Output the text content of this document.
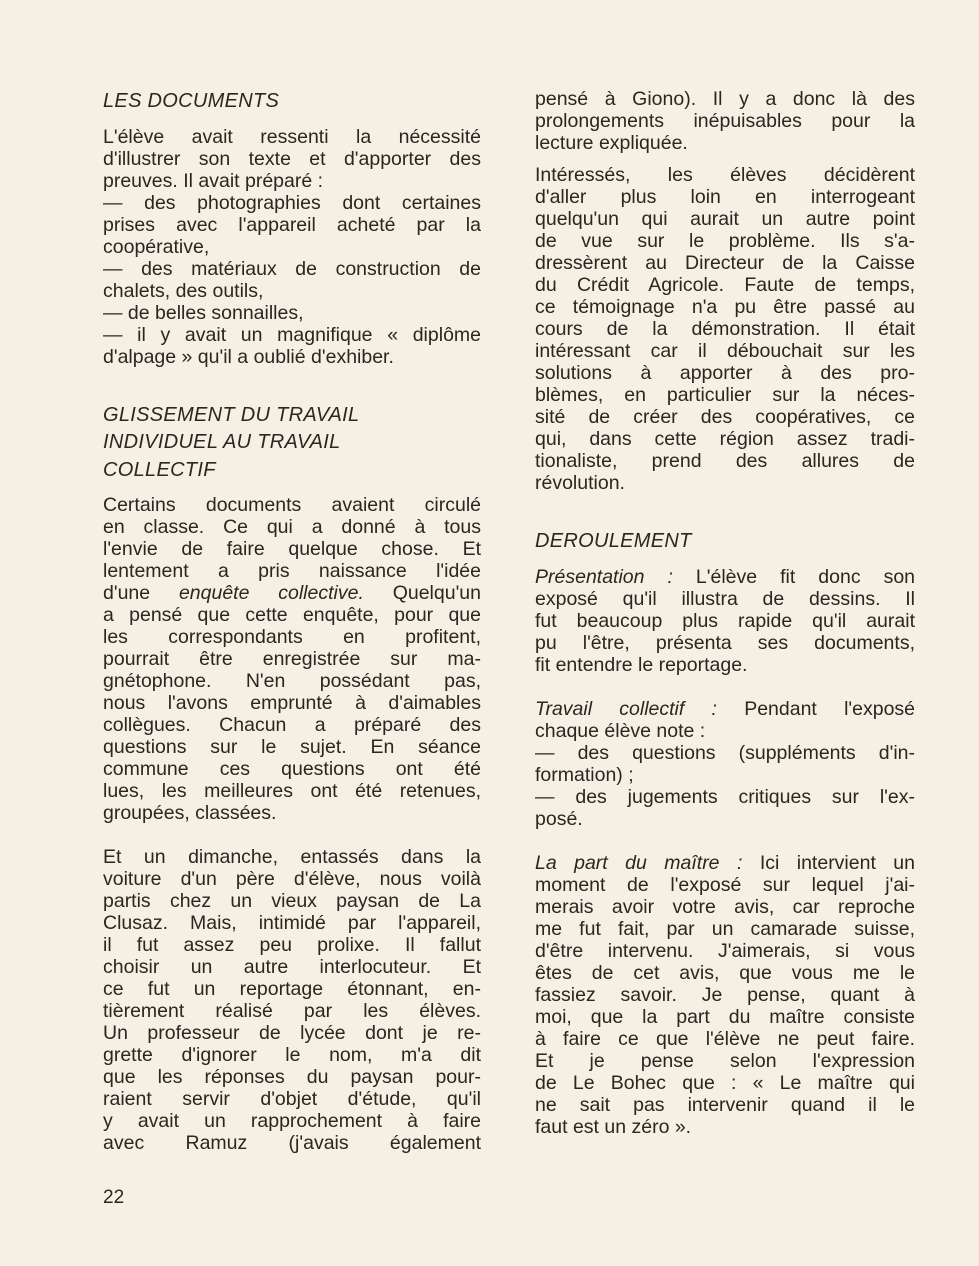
LES DOCUMENTS
L'élève avait ressenti la nécessité
d'illustrer son texte et d'apporter des
preuves. Il avait préparé :
— des photographies dont certaines
prises avec l'appareil acheté par la
coopérative,
— des matériaux de construction de
chalets, des outils,
— de belles sonnailles,
— il y avait un magnifique « diplôme
d'alpage » qu'il a oublié d'exhiber.
GLISSEMENT DU TRAVAIL
INDIVIDUEL AU TRAVAIL
COLLECTIF
Certains documents avaient circulé
en classe. Ce qui a donné à tous
l'envie de faire quelque chose. Et
lentement a pris naissance l'idée
d'une enquête collective. Quelqu'un
a pensé que cette enquête, pour que
les correspondants en profitent,
pourrait être enregistrée sur ma-
gnétophone. N'en possédant pas,
nous l'avons emprunté à d'aimables
collègues. Chacun a préparé des
questions sur le sujet. En séance
commune ces questions ont été
lues, les meilleures ont été retenues,
groupées, classées.
Et un dimanche, entassés dans la
voiture d'un père d'élève, nous voilà
partis chez un vieux paysan de La
Clusaz. Mais, intimidé par l'appareil,
il fut assez peu prolixe. Il fallut
choisir un autre interlocuteur. Et
ce fut un reportage étonnant, en-
tièrement réalisé par les élèves.
Un professeur de lycée dont je re-
grette d'ignorer le nom, m'a dit
que les réponses du paysan pour-
raient servir d'objet d'étude, qu'il
y avait un rapprochement à faire
avec Ramuz (j'avais également
pensé à Giono). Il y a donc là des
prolongements inépuisables pour la
lecture expliquée.
Intéressés, les élèves décidèrent
d'aller plus loin en interrogeant
quelqu'un qui aurait un autre point
de vue sur le problème. Ils s'a-
dressèrent au Directeur de la Caisse
du Crédit Agricole. Faute de temps,
ce témoignage n'a pu être passé au
cours de la démonstration. Il était
intéressant car il débouchait sur les
solutions à apporter à des pro-
blèmes, en particulier sur la néces-
sité de créer des coopératives, ce
qui, dans cette région assez tradi-
tionaliste, prend des allures de
révolution.
DEROULEMENT
Présentation : L'élève fit donc son
exposé qu'il illustra de dessins. Il
fut beaucoup plus rapide qu'il aurait
pu l'être, présenta ses documents,
fit entendre le reportage.
Travail collectif : Pendant l'exposé
chaque élève note :
— des questions (suppléments d'in-
formation) ;
— des jugements critiques sur l'ex-
posé.
La part du maître : Ici intervient un
moment de l'exposé sur lequel j'ai-
merais avoir votre avis, car reproche
me fut fait, par un camarade suisse,
d'être intervenu. J'aimerais, si vous
êtes de cet avis, que vous me le
fassiez savoir. Je pense, quant à
moi, que la part du maître consiste
à faire ce que l'élève ne peut faire.
Et je pense selon l'expression
de Le Bohec que : « Le maître qui
ne sait pas intervenir quand il le
faut est un zéro ».
22
